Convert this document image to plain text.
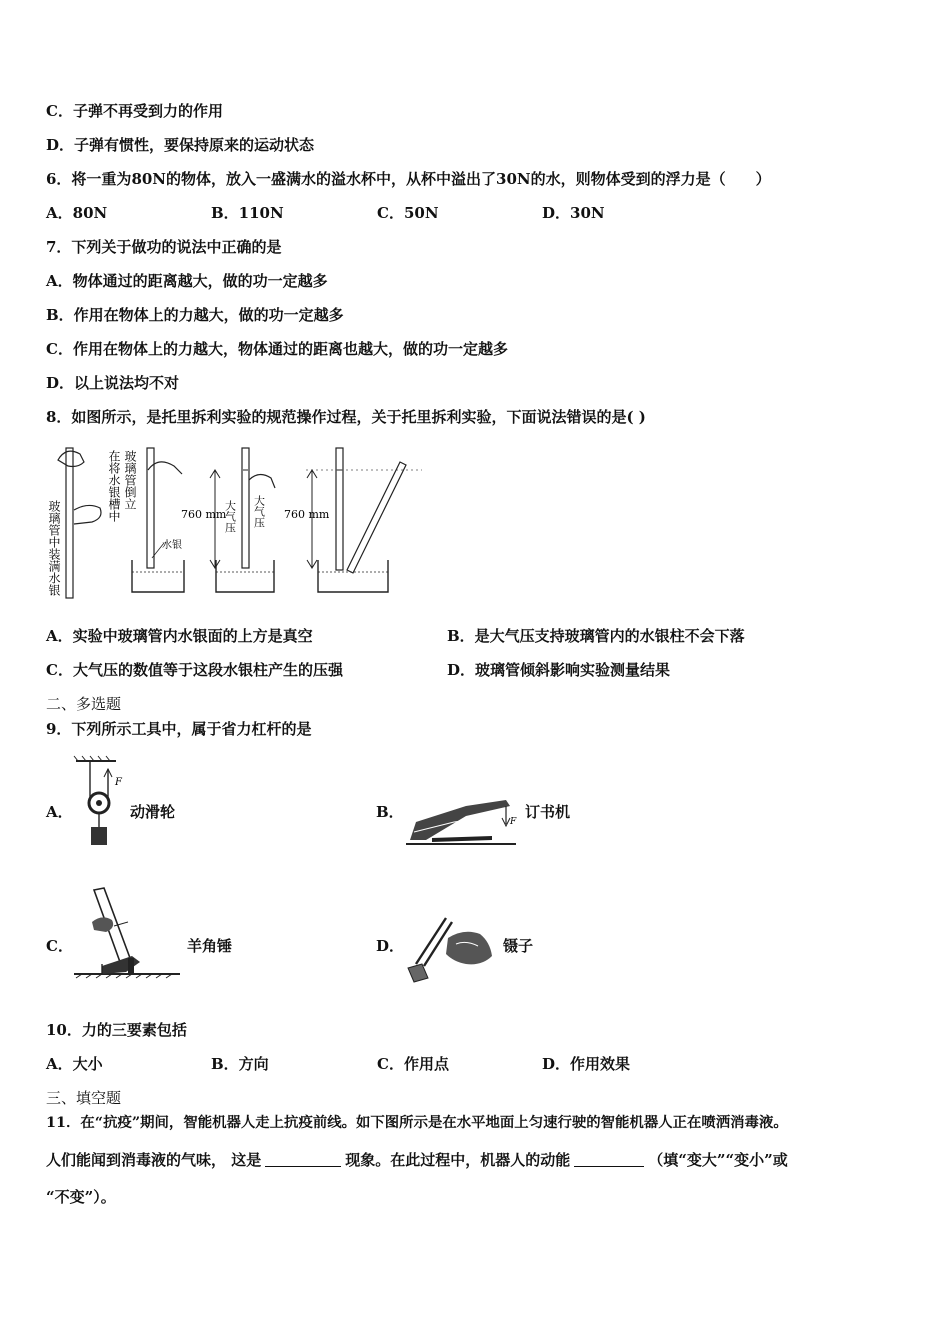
C．子弹不再受到力的作用
D．子弹有惯性，要保持原来的运动状态
6．将一重为80N的物体，放入一盛满水的溢水杯中，从杯中溢出了30N的水，则物体受到的浮力是（　　）
A．80N	B．110N	C．50N	D．30N
7．下列关于做功的说法中正确的是
A．物体通过的距离越大，做的功一定越多
B．作用在物体上的力越大，做的功一定越多
C．作用在物体上的力越大，物体通过的距离也越大，做的功一定越多
D．以上说法均不对
8．如图所示，是托里拆利实验的规范操作过程，关于托里拆利实验，下面说法错误的是( )
玻璃管中装满水银
在将水银槽中 玻璃管倒立
水银
760 mm
大气压 大气压 760 mm
A．实验中玻璃管内水银面的上方是真空	B．是大气压支持玻璃管内的水银柱不会下落
C．大气压的数值等于这段水银柱产生的压强	D．玻璃管倾斜影响实验测量结果
二、多选题
9．下列所示工具中，属于省力杠杆的是
A．
F
动滑轮	B．
F
订书机
C．	羊角锤	D．	镊子
10．力的三要素包括
A．大小	B．方向	C．作用点	D．作用效果
三、填空题
11．在“抗疫”期间，智能机器人走上抗疫前线。如下图所示是在水平地面上匀速行驶的智能机器人正在喷洒消毒液。
人们能闻到消毒液的气味， 这是	现象。在此过程中，机器人的动能	（填“变大”“变小”或
“不变”）。
